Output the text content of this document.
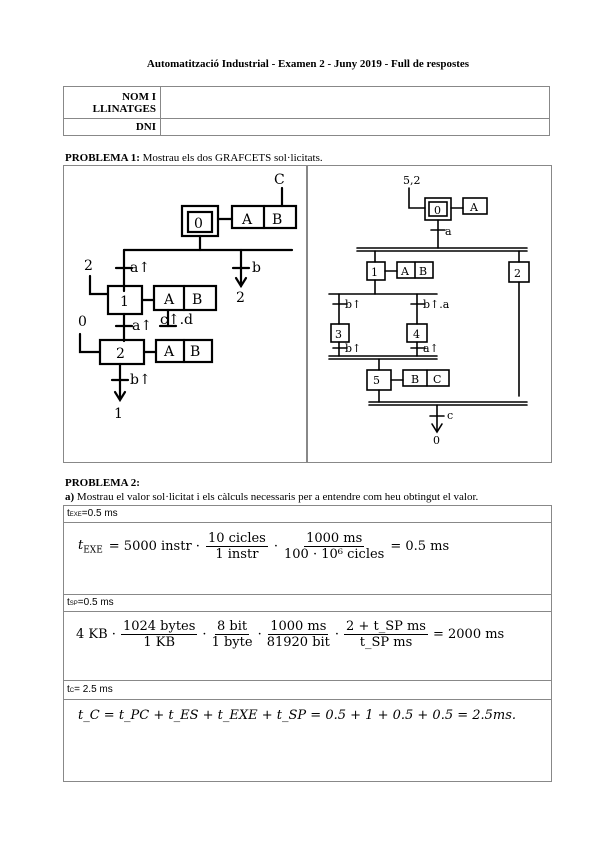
Automatització Industrial - Examen 2 - Juny 2019 - Full de respostes
NOM I LLINATGES	
DNI	
PROBLEMA 1: Mostrau els dos GRAFCETS sol·licitats.
C
0	A B
a↑	b
2
2
1	A B
a↑ c↑.d
0
2	A B
b↑
1
5,2
0	A
a
1 A B	2
b↑	b↑.a
3	4
b↑	a↑
5	B C
c
0
PROBLEMA 2:
a) Mostrau el valor sol·licitat i els càlculs necessaris per a entendre com heu obtingut el valor.
tEXE=0.5 ms
$t_{EXE} = 5000$ instr ·
10 cicles
1 instr
·
1000 ms
100 · 10⁶ cicles
= 0.5 ms
tSP=0.5 ms
4 KB ·
1024 bytes
1 KB
·
8 bit
1 byte
·
1000 ms
81920 bit
· $\frac{\text{2 + t\_SP ms}}{\text{t\_SP ms}} = 2000$ ms
tC= 2.5 ms
t_C = t_PC + t_ES + t_EXE + t_SP = 0.5 + 1 + 0.5 + 0.5 = 2.5ms.
